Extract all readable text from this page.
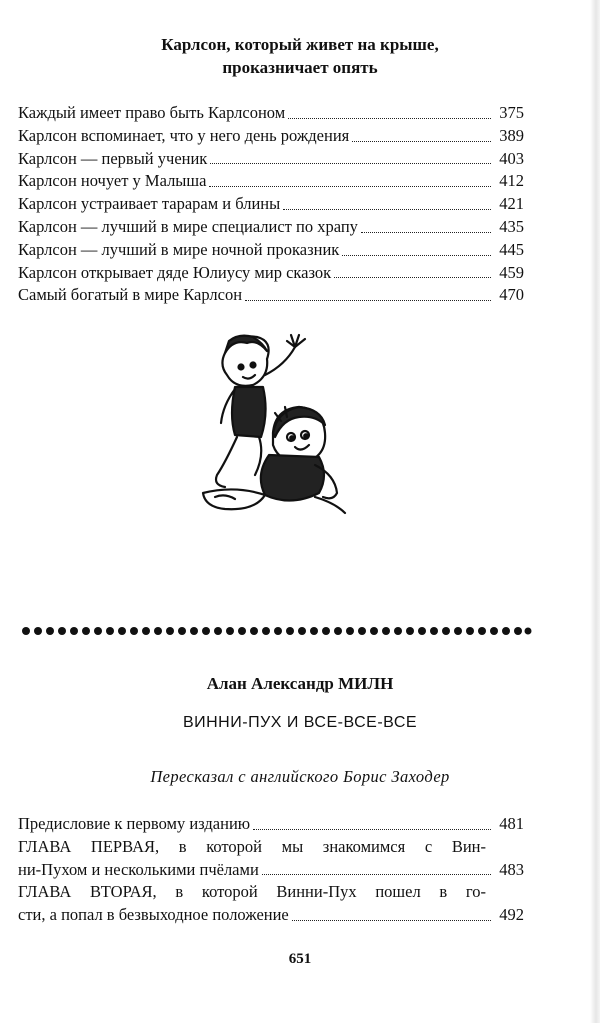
Карлсон, который живет на крыше,
проказничает опять
Каждый имеет право быть Карлсоном	375
Карлсон вспоминает, что у него день рождения	389
Карлсон — первый ученик	403
Карлсон ночует у Малыша	412
Карлсон устраивает тарарам и блины	421
Карлсон — лучший в мире специалист по храпу	435
Карлсон — лучший в мире ночной проказник	445
Карлсон открывает дяде Юлиусу мир сказок	459
Самый богатый в мире Карлсон	470
Алан Александр МИЛН
ВИННИ-ПУХ И ВСЕ-ВСЕ-ВСЕ
Пересказал с английского Борис Заходер
Предисловие к первому изданию	481
ГЛАВА ПЕРВАЯ, в которой мы знакомимся с Вин-
ни-Пухом и несколькими пчёлами	483
ГЛАВА ВТОРАЯ, в которой Винни-Пух пошел в го-
сти, а попал в безвыходное положение	492
651
